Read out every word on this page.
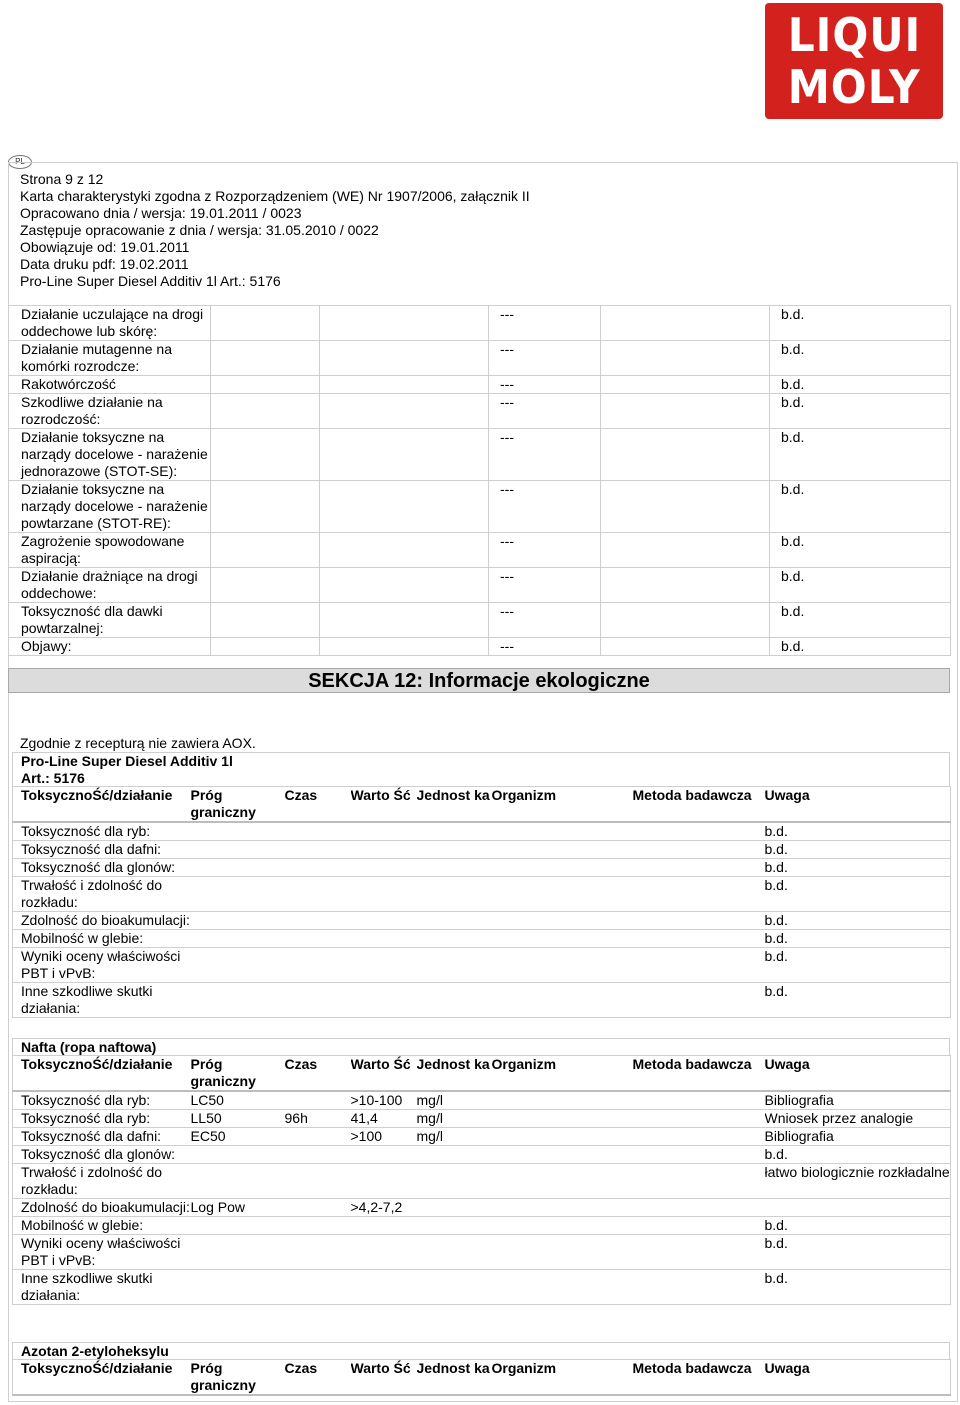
LIQUI
MOLY
PL
Strona 9 z 12
Karta charakterystyki zgodna z Rozporządzeniem (WE) Nr 1907/2006, załącznik II
Opracowano dnia / wersja: 19.01.2011 / 0023
Zastępuje opracowanie z dnia / wersja: 31.05.2010 / 0022
Obowiązuje od: 19.01.2011
Data druku pdf: 19.02.2011
Pro-Line Super Diesel Additiv 1l Art.: 5176
Działanie uczulające na drogi oddechowe lub skórę:			---		b.d.
Działanie mutagenne na komórki rozrodcze:			---		b.d.
Rakotwórczość			---		b.d.
Szkodliwe działanie na rozrodczość:			---		b.d.
Działanie toksyczne na narządy docelowe - narażenie jednorazowe (STOT-SE):			---		b.d.
Działanie toksyczne na narządy docelowe - narażenie powtarzane (STOT-RE):			---		b.d.
Zagrożenie spowodowane aspiracją:			---		b.d.
Działanie drażniące na drogi oddechowe:			---		b.d.
Toksyczność dla dawki powtarzalnej:			---		b.d.
Objawy:			---		b.d.
SEKCJA 12: Informacje ekologiczne
Zgodnie z recepturą nie zawiera AOX.
Pro-Line Super Diesel Additiv 1l
Art.: 5176
ToksycznoŚć/działanie	Próg graniczny	Czas	Warto Ść	Jednost ka	Organizm	Metoda badawcza	Uwaga
Toksyczność dla ryb:							b.d.
Toksyczność dla dafni:							b.d.
Toksyczność dla glonów:							b.d.
Trwałość i zdolność do rozkładu:							b.d.
Zdolność do bioakumulacji:							b.d.
Mobilność w glebie:							b.d.
Wyniki oceny właściwości PBT i vPvB:							b.d.
Inne szkodliwe skutki działania:							b.d.
Nafta (ropa naftowa)
ToksycznoŚć/działanie	Próg graniczny	Czas	Warto Ść	Jednost ka	Organizm	Metoda badawcza	Uwaga
Toksyczność dla ryb:	LC50		>10-100	mg/l			Bibliografia
Toksyczność dla ryb:	LL50	96h	41,4	mg/l			Wniosek przez analogie
Toksyczność dla dafni:	EC50		>100	mg/l			Bibliografia
Toksyczność dla glonów:							b.d.
Trwałość i zdolność do rozkładu:							łatwo biologicznie rozkładalne
Zdolność do bioakumulacji:	Log Pow		>4,2-7,2				
Mobilność w glebie:							b.d.
Wyniki oceny właściwości PBT i vPvB:							b.d.
Inne szkodliwe skutki działania:							b.d.
Azotan 2-etyloheksylu
ToksycznoŚć/działanie	Próg graniczny	Czas	Warto Ść	Jednost ka	Organizm	Metoda badawcza	Uwaga
